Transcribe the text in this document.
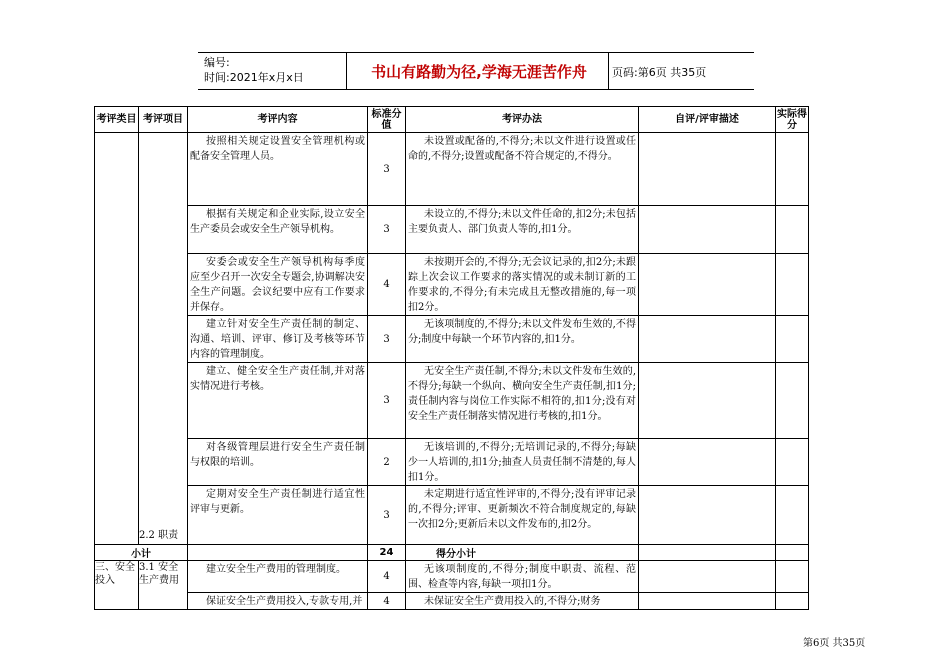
编号:
时间:2021年x月x日	书山有路勤为径,学海无涯苦作舟	页码:第6页 共35页
考评类目	考评项目	考评内容	标准分值	考评办法	自评/评审描述	实际得分
	2.2 职责	按照相关规定设置安全管理机构或配备安全管理人员。	3	未设置或配备的,不得分;未以文件进行设置或任命的,不得分;设置或配备不符合规定的,不得分。		
		根据有关规定和企业实际,设立安全生产委员会或安全生产领导机构。	3	未设立的,不得分;未以文件任命的,扣2分;未包括主要负责人、部门负责人等的,扣1分。		
		安委会或安全生产领导机构每季度应至少召开一次安全专题会,协调解决安全生产问题。会议纪要中应有工作要求并保存。	4	未按期开会的,不得分;无会议记录的,扣2分;未跟踪上次会议工作要求的落实情况的或未制订新的工作要求的,不得分;有未完成且无整改措施的,每一项扣2分。		
		建立针对安全生产责任制的制定、沟通、培训、评审、修订及考核等环节内容的管理制度。	3	无该项制度的,不得分;未以文件发布生效的,不得分;制度中每缺一个环节内容的,扣1分。		
		建立、健全安全生产责任制,并对落实情况进行考核。	3	无安全生产责任制,不得分;未以文件发布生效的,不得分;每缺一个纵向、横向安全生产责任制,扣1分;责任制内容与岗位工作实际不相符的,扣1分;没有对安全生产责任制落实情况进行考核的,扣1分。		
		对各级管理层进行安全生产责任制与权限的培训。	2	无该培训的,不得分;无培训记录的,不得分;每缺少一人培训的,扣1分;抽查人员责任制不清楚的,每人扣1分。		
		定期对安全生产责任制进行适宜性评审与更新。	3	未定期进行适宜性评审的,不得分;没有评审记录的,不得分;评审、更新频次不符合制度规定的,每缺一次扣2分;更新后未以文件发布的,扣2分。		
小计			24	得分小计		
三、安全投入	3.1 安全生产费用	建立安全生产费用的管理制度。	4	无该项制度的,不得分;制度中职责、流程、范围、检查等内容,每缺一项扣1分。		
		保证安全生产费用投入,专款专用,并	4	未保证安全生产费用投入的,不得分;财务		
第6页 共35页
